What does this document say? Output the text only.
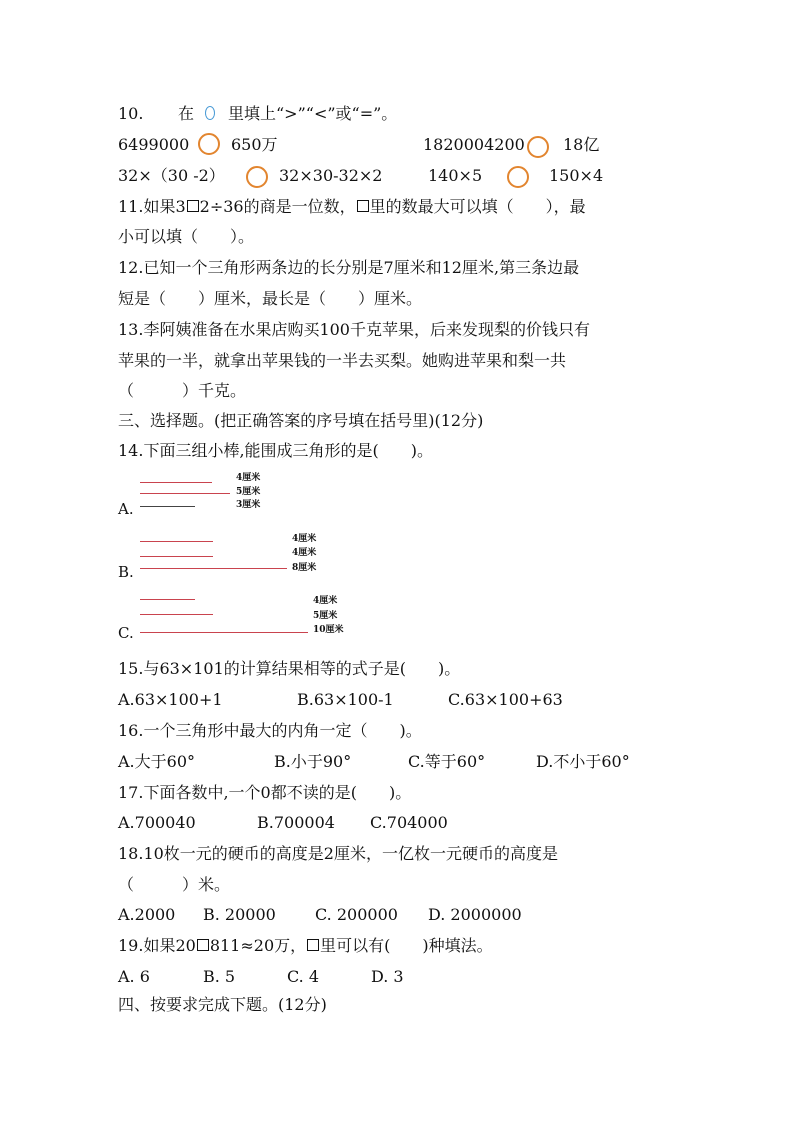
10. 在 里填上“>”“<”或“=”。
6499000	650万	1820004200 18亿
32×（30 -2）	32×30-32×2	140×5	150×4
11.如果3 2÷36的商是一位数， 里的数最大可以填（　　），最
小可以填（　　）。
12.已知一个三角形两条边的长分别是7厘米和12厘米,第三条边最
短是（　　）厘米，最长是（　　）厘米。
13.李阿姨准备在水果店购买100千克苹果，后来发现梨的价钱只有
苹果的一半，就拿出苹果钱的一半去买梨。她购进苹果和梨一共
（　　　）千克。
三、选择题。(把正确答案的序号填在括号里)(12分)
14.下面三组小棒,能围成三角形的是(　　)。
4厘米
5厘米
3厘米
A.
4厘米
4厘米
8厘米
B.
4厘米
5厘米
10厘米
C.
15.与63×101的计算结果相等的式子是(　　)。
A.63×100+1	B.63×100-1	C.63×100+63
16.一个三角形中最大的内角一定（　　)。
A.大于60°	B.小于90°	C.等于60°	D.不小于60°
17.下面各数中,一个0都不读的是(　　)。
A.700040	B.700004 C.704000
18.10枚一元的硬币的高度是2厘米，一亿枚一元硬币的高度是
（　　　）米。
A.2000 B. 20000 C. 200000 D. 2000000
19.如果20 811≈20万， 里可以有(　　)种填法。
A. 6	B. 5	C. 4	D. 3
四、按要求完成下题。(12分)
